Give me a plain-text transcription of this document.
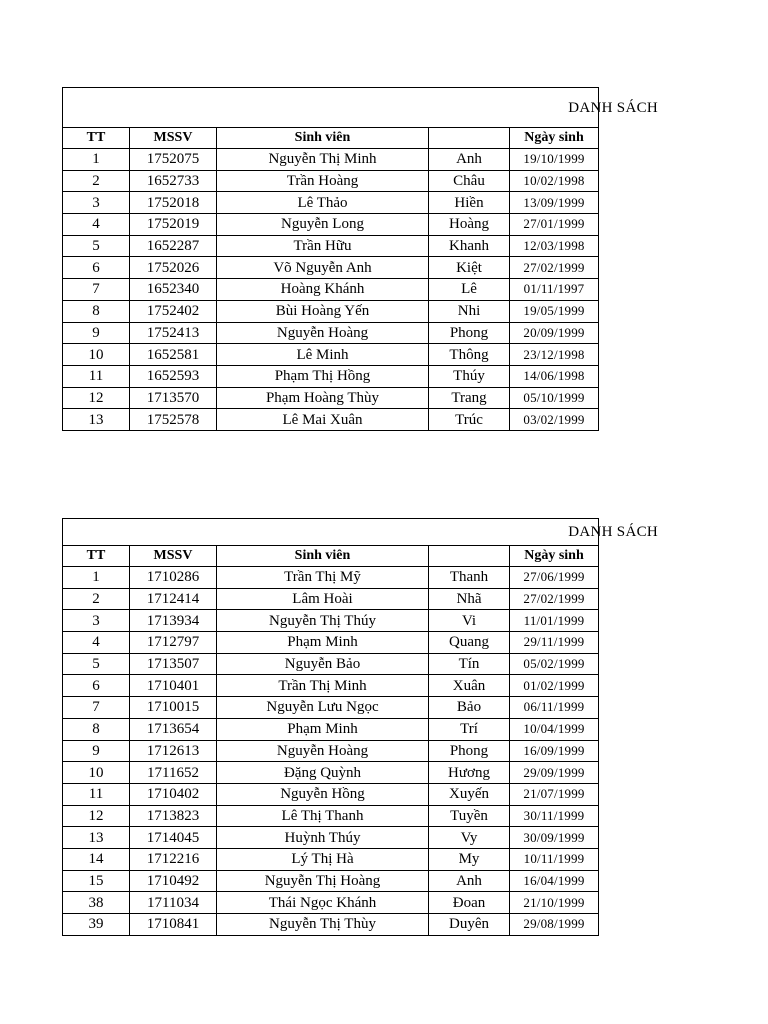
DANH SÁCH				
TT	MSSV	Sinh viên		Ngày sinh
1	1752075	Nguyễn Thị Minh	Anh	19/10/1999
2	1652733	Trần Hoàng	Châu	10/02/1998
3	1752018	Lê Thảo	Hiền	13/09/1999
4	1752019	Nguyễn Long	Hoàng	27/01/1999
5	1652287	Trần Hữu	Khanh	12/03/1998
6	1752026	Võ Nguyễn Anh	Kiệt	27/02/1999
7	1652340	Hoàng Khánh	Lê	01/11/1997
8	1752402	Bùi Hoàng Yến	Nhi	19/05/1999
9	1752413	Nguyễn Hoàng	Phong	20/09/1999
10	1652581	Lê Minh	Thông	23/12/1998
11	1652593	Phạm Thị Hồng	Thúy	14/06/1998
12	1713570	Phạm Hoàng Thùy	Trang	05/10/1999
13	1752578	Lê Mai Xuân	Trúc	03/02/1999
DANH SÁCH				
TT	MSSV	Sinh viên		Ngày sinh
1	1710286	Trần Thị Mỹ	Thanh	27/06/1999
2	1712414	Lâm Hoài	Nhã	27/02/1999
3	1713934	Nguyễn Thị Thúy	Vi	11/01/1999
4	1712797	Phạm Minh	Quang	29/11/1999
5	1713507	Nguyễn Bảo	Tín	05/02/1999
6	1710401	Trần Thị Minh	Xuân	01/02/1999
7	1710015	Nguyễn Lưu Ngọc	Bảo	06/11/1999
8	1713654	Phạm Minh	Trí	10/04/1999
9	1712613	Nguyễn Hoàng	Phong	16/09/1999
10	1711652	Đặng Quỳnh	Hương	29/09/1999
11	1710402	Nguyễn Hồng	Xuyến	21/07/1999
12	1713823	Lê Thị Thanh	Tuyền	30/11/1999
13	1714045	Huỳnh Thúy	Vy	30/09/1999
14	1712216	Lý Thị Hà	My	10/11/1999
15	1710492	Nguyễn Thị Hoàng	Anh	16/04/1999
38	1711034	Thái Ngọc Khánh	Đoan	21/10/1999
39	1710841	Nguyễn Thị Thùy	Duyên	29/08/1999
